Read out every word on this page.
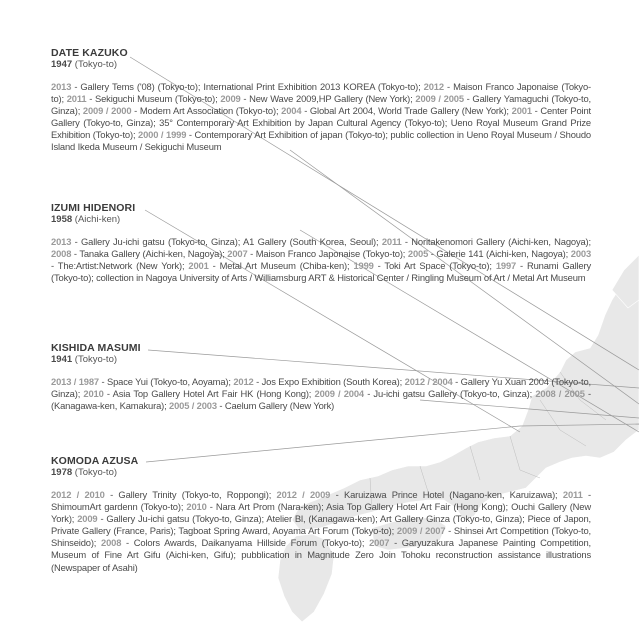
DATE KAZUKO
1947 (Tokyo-to)
2013 - Gallery Tems ('08) (Tokyo-to); International Print Exhibition 2013 KOREA (Tokyo-to); 2012 - Maison Franco Japonaise (Tokyo-to); 2011 - Sekiguchi Museum (Tokyo-to); 2009 - New Wave 2009,HP Gallery (New York); 2009 / 2005 - Gallery Yamaguchi (Tokyo-to, Ginza); 2009 / 2000 - Modern Art Association (Tokyo-to); 2004 - Global Art 2004, World Trade Gallery (New York); 2001 - Center Point Gallery (Tokyo-to, Ginza); 35° Contemporary Art Exhibition by Japan Cultural Agency (Tokyo-to); Ueno Royal Museum Grand Prize Exhibition (Tokyo-to); 2000 / 1999 - Contemporary Art Exhibition of japan (Tokyo-to); public collection in Ueno Royal Museum / Shoudo Island Ikeda Museum / Sekiguchi Museum
IZUMI HIDENORI
1958 (Aichi-ken)
2013 - Gallery Ju-ichi gatsu (Tokyo-to, Ginza); A1 Gallery (South Korea, Seoul); 2011 - Noritakenomori Gallery (Aichi-ken, Nagoya); 2008 - Tanaka Gallery (Aichi-ken, Nagoya); 2007 - Maison Franco Japonaise (Tokyo-to); 2005 - Galerie 141 (Aichi-ken, Nagoya); 2003 - The:Artist:Network (New York); 2001 - Metal Art Museum (Chiba-ken); 1999 - Toki Art Space (Tokyo-to); 1997 - Runami Gallery (Tokyo-to); collection in Nagoya University of Arts / Williamsburg ART & Historical Center / Ringling Museum of Art / Metal Art Museum
KISHIDA MASUMI
1941 (Tokyo-to)
2013 / 1987 - Space Yui (Tokyo-to, Aoyama); 2012 - Jos Expo Exhibition (South Korea); 2012 / 2004 - Gallery Yu Xuan 2004 (Tokyo-to, Ginza); 2010 - Asia Top Gallery Hotel Art Fair HK (Hong Kong); 2009 / 2004 - Ju-ichi gatsu Gallery (Tokyo-to, Ginza); 2008 / 2005 - (Kanagawa-ken, Kamakura); 2005 / 2003 - Caelum Gallery (New York)
KOMODA AZUSA
1978 (Tokyo-to)
2012 / 2010 - Gallery Trinity (Tokyo-to, Roppongi); 2012 / 2009 - Karuizawa Prince Hotel (Nagano-ken, Karuizawa); 2011 - ShimoumArt gardenn (Tokyo-to); 2010 - Nara Art Prom (Nara-ken); Asia Top Gallery Hotel Art Fair (Hong Kong); Ouchi Gallery (New York); 2009 - Gallery Ju-ichi gatsu (Tokyo-to, Ginza); Atelier Bl, (Kanagawa-ken); Art Gallery Ginza (Tokyo-to, Ginza); Piece of Japon, Private Gallery (France, Paris); Tagboat Spring Award, Aoyama Art Forum (Tokyo-to); 2009 / 2007 - Shinsei Art Competition (Tokyo-to, Shinseido); 2008 - Colors Awards, Daikanyama Hillside Forum (Tokyo-to); 2007 - Garyuzakura Japanese Painting Competition, Museum of Fine Art Gifu (Aichi-ken, Gifu); pubblication in Magnitude Zero Join Tohoku reconstruction assistance illustrations (Newspaper of Asahi)
